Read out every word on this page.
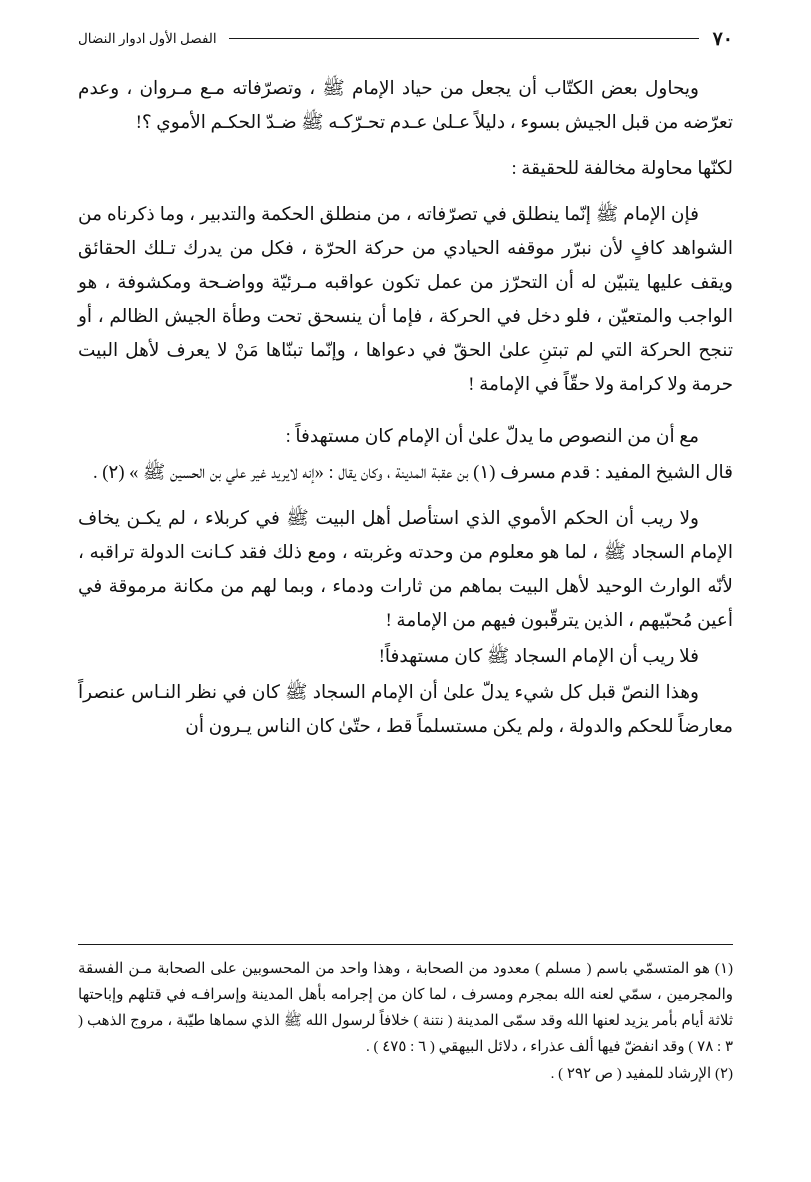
٧٠
الفصل الأول ادوار النضال

ويحاول بعض الكتّاب أن يجعل من حياد الإمام ﷺ ، وتصرّفاته مـع مـروان ، وعدم تعرّضه من قبل الجيش بسوء ، دليلاً عـلىٰ عـدم تحـرّكـه ﷺ ضـدّ الحكـم الأموي ؟!

لكنّها محاولة مخالفة للحقيقة :

فإن الإمام ﷺ إنّما ينطلق في تصرّفاته ، من منطلق الحكمة والتدبير ، وما ذكرناه من الشواهد كافٍ لأن نبرّر موقفه الحيادي من حركة الحرّة ، فكل من يدرك تـلك الحقائق ويقف عليها يتبيّن له أن التحرّز من عمل تكون عواقبه مـرئيّة وواضـحة ومكشوفة ، هو الواجب والمتعيّن ، فلو دخل في الحركة ، فإما أن ينسحق تحت وطأة الجيش الظالم ، أو تنجح الحركة التي لم تبتنِ علىٰ الحقّ في دعواها ، وإنّما تبنّاها مَنْ لا يعرف لأهل البيت حرمة ولا كرامة ولا حقّاً في الإمامة !

مع أن من النصوص ما يدلّ علىٰ أن الإمام كان مستهدفاً :

قال الشيخ المفيد : قدم مسرف (١) بن عقبة المدينة ، وكان يقال : «إنه لايريد غير علي بن الحسين ﷺ » (٢) .

ولا ريب أن الحكم الأموي الذي استأصل أهل البيت ﷺ في كربلاء ، لم يكـن يخاف الإمام السجاد ﷺ ، لما هو معلوم من وحدته وغربته ، ومع ذلك فقد كـانت الدولة تراقبه ، لأنّه الوارث الوحيد لأهل البيت بماهم من ثارات ودماء ، وبما لهم من مكانة مرموقة في أعين مُحبّيهم ، الذين يترقّبون فيهم من الإمامة !

فلا ريب أن الإمام السجاد ﷺ كان مستهدفاً!

وهذا النصّ قبل كل شيء يدلّ علىٰ أن الإمام السجاد ﷺ كان في نظر النـاس عنصراً معارضاً للحكم والدولة ، ولم يكن مستسلماً قط ، حتّىٰ كان الناس يـرون أن

(١) هو المتسمّي باسم ( مسلم ) معدود من الصحابة ، وهذا واحد من المحسوبين على الصحابة مـن الفسقة والمجرمين ، سمّي لعنه الله بمجرم ومسرف ، لما كان من إجرامه بأهل المدينة وإسرافـه في قتلهم وإباحتها ثلاثة أيام بأمر يزيد لعنها الله وقد سمّى المدينة ( نتنة ) خلافاً لرسول الله ﷺ الذي سماها طيّبة ، مروج الذهب ( ٣ : ٧٨ ) وقد انفضّ فيها ألف عذراء ، دلائل البيهقي ( ٦ : ٤٧٥ ) .

(٢) الإرشاد للمفيد ( ص ٢٩٢ ) .
